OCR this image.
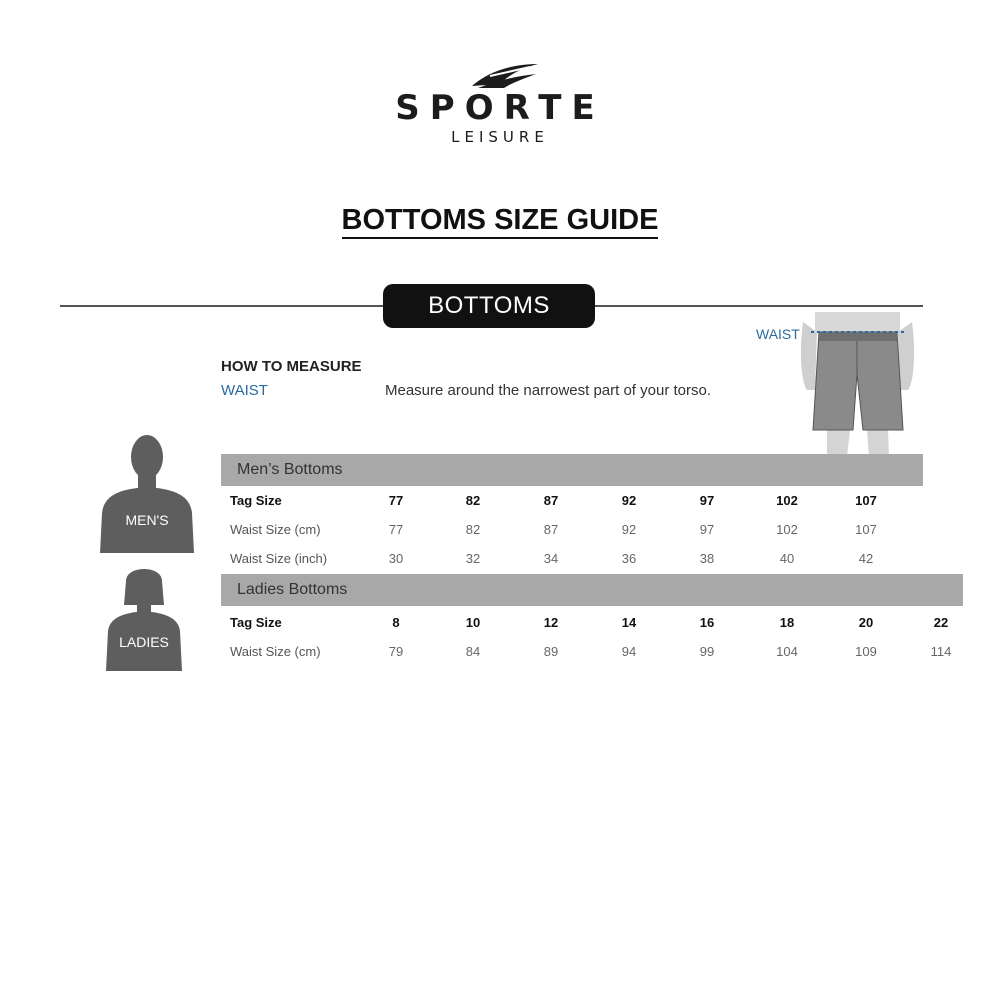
SPORTE
LEISURE
BOTTOMS SIZE GUIDE
BOTTOMS
HOW TO MEASURE
WAIST	Measure around the narrowest part of your torso.
WAIST
MEN'S
LADIES
Men’s Bottoms
Tag Size	77	82	87	92	97	102	107
Waist Size (cm)	77	82	87	92	97	102	107
Waist Size (inch)	30	32	34	36	38	40	42
Ladies Bottoms
Tag Size	8	10	12	14	16	18	20	22
Waist Size (cm)	79	84	89	94	99	104	109	114
